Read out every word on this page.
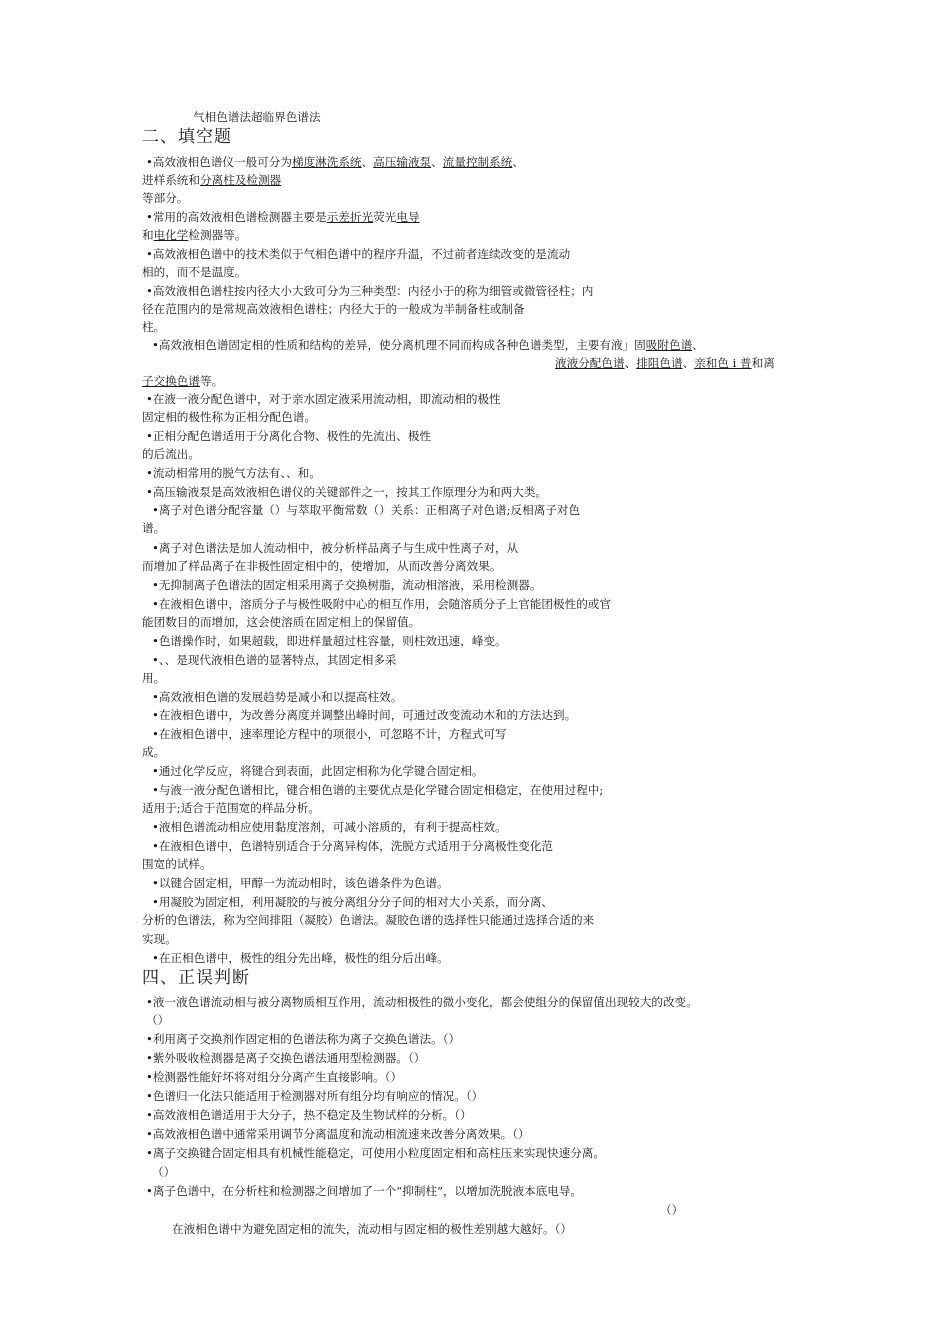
气相色谱法超临界色谱法
二、填空题
•高效液相色谱仪一般可分为梯度淋洗系统、高压输液泵、流量控制系统、
进样系统和分离柱及检测器
等部分。
•常用的高效液相色谱检测器主要是示差折光荧光电导
和电化学检测器等。
•高效液相色谱中的技术类似于气相色谱中的程序升温，不过前者连续改变的是流动
相的，而不是温度。
•高效液相色谱柱按内径大小大致可分为三种类型：内径小于的称为细管或微管径柱；内
径在范围内的是常规高效液相色谱柱；内径大于的一般成为半制备柱或制备
柱。
•高效液相色谱固定相的性质和结构的差异，使分离机理不同而构成各种色谱类型，主要有液」固吸附色谱、
液液分配色谱、排阻色谱、亲和色 i 普和离
子交换色谱等。
•在液一液分配色谱中，对于亲水固定液采用流动相，即流动相的极性
固定相的极性称为正相分配色谱。
•正相分配色谱适用于分离化合物、极性的先流出、极性
的后流出。
•流动相常用的脱气方法有、、和。
•高压输液泵是高效液相色谱仪的关键部件之一，按其工作原理分为和两大类。
•离子对色谱分配容量（）与萃取平衡常数（）关系：正相离子对色谱;反相离子对色
谱。
•离子对色谱法是加人流动相中，被分析样品离子与生成中性离子对，从
而增加了样品离子在非极性固定相中的，使增加，从而改善分离效果。
•无抑制离子色谱法的固定相采用离子交换树脂，流动相溶液，采用检测器。
•在液相色谱中，溶质分子与极性吸附中心的相互作用，会随溶质分子上官能团极性的或官
能团数目的而增加，这会使溶质在固定相上的保留值。
•色谱操作时，如果超载，即进样量超过柱容量，则柱效迅速，峰变。
•、、是现代液相色谱的显著特点，其固定相多采
用。
•高效液相色谱的发展趋势是减小和以提高柱效。
•在液相色谱中，为改善分离度并调整出峰时间，可通过改变流动木和的方法达到。
•在液相色谱中，速率理论方程中的项很小，可忽略不计，方程式可写
成。
•通过化学反应，将键合到表面，此固定相称为化学键合固定相。
•与液一液分配色谱相比，键合相色谱的主要优点是化学键合固定相稳定，在使用过程中;
适用于;适合于范围宽的样品分析。
•液相色谱流动相应使用黏度溶剂，可减小溶质的，有利于提高柱效。
•在液相色谱中，色谱特别适合于分离异构体，洗脱方式适用于分离极性变化范
围宽的试样。
•以键合固定相，甲醇一为流动相时，该色谱条件为色谱。
•用凝胶为固定相，利用凝胶的与被分离组分分子间的相对大小关系，而分离、
分析的色谱法，称为空间排阻（凝胶）色谱法。凝胶色谱的选择性只能通过选择合适的来
实现。
•在正相色谱中，极性的组分先出峰，极性的组分后出峰。
四、正误判断
•液一液色谱流动相与被分离物质相互作用，流动相极性的微小变化，都会使组分的保留值出现较大的改变。
（）
•利用离子交换剂作固定相的色谱法称为离子交换色谱法。（）
•紫外吸收检测器是离子交换色谱法通用型检测器。（）
•检测器性能好坏将对组分分离产生直接影响。（）
•色谱归一化法只能适用于检测器对所有组分均有响应的情况。（）
•高效液相色谱适用于大分子，热不稳定及生物试样的分析。（）
•高效液相色谱中通常采用调节分离温度和流动相流速来改善分离效果。（）
•离子交换键合固定相具有机械性能稳定，可使用小粒度固定相和高柱压来实现快速分离。
（）
•离子色谱中，在分析柱和检测器之间增加了一个“抑制柱”，以增加洗脱液本底电导。
（）
在液相色谱中为避免固定相的流失，流动相与固定相的极性差别越大越好。（）
